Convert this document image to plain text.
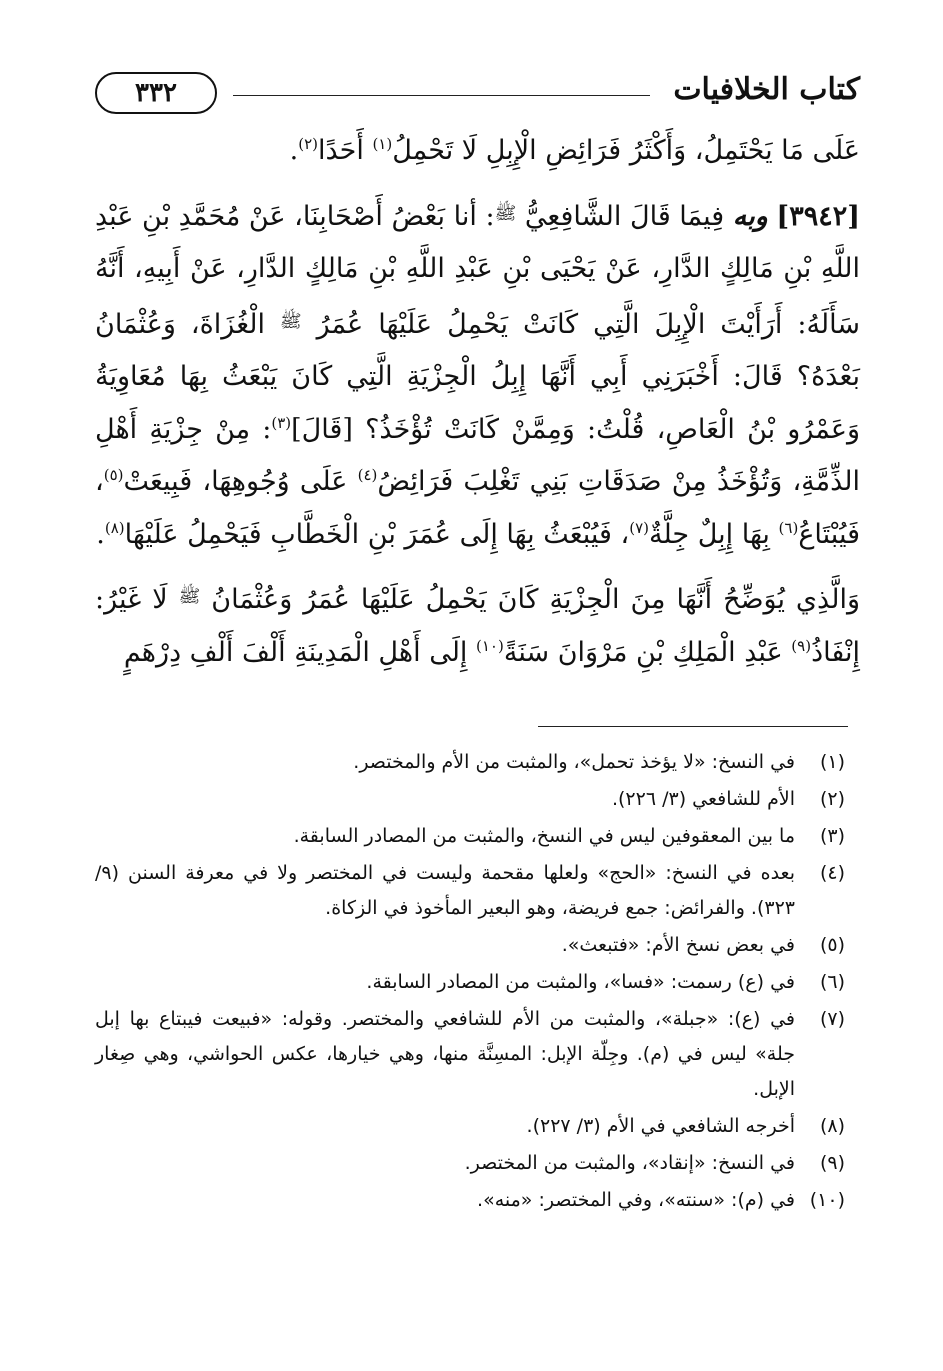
كتاب الخلافيات
٣٣٢

عَلَى مَا يَحْتَمِلُ، وَأَكْثَرُ فَرَائِضِ الْإِبِلِ لَا تَحْمِلُ$^{(١)}$ أَحَدًا$^{(٢)}$.

[٣٩٤٢] وبه فِيمَا قَالَ الشَّافِعِيُّ $^ﷺ$: أنا بَعْضُ أَصْحَابِنَا، عَنْ مُحَمَّدِ بْنِ عَبْدِ اللَّهِ بْنِ مَالِكٍ الدَّارِ، عَنْ يَحْيَى بْنِ عَبْدِ اللَّهِ بْنِ مَالِكٍ الدَّارِ، عَنْ أَبِيهِ، أَنَّهُ سَأَلَهُ: أَرَأَيْتَ الْإِبِلَ الَّتِي كَانَتْ يَحْمِلُ عَلَيْهَا عُمَرُ $^ﷺ$ الْغُزَاةَ، وَعُثْمَانُ بَعْدَهُ؟ قَالَ: أَخْبَرَنِي أَبِي أَنَّهَا إِبِلُ الْجِزْيَةِ الَّتِي كَانَ يَبْعَثُ بِهَا مُعَاوِيَةُ وَعَمْرُو بْنُ الْعَاصِ، قُلْتُ: وَمِمَّنْ كَانَتْ تُؤْخَذُ؟ [قَالَ]$^{(٣)}$: مِنْ جِزْيَةِ أَهْلِ الذِّمَّةِ، وَتُؤْخَذُ مِنْ صَدَقَاتِ بَنِي تَغْلِبَ فَرَائِضُ$^{(٤)}$ عَلَى وُجُوهِهَا، فَبِيعَتْ$^{(٥)}$، فَيُبْتَاعُ$^{(٦)}$ بِهَا إِبِلٌ جِلَّةٌ$^{(٧)}$، فَيُبْعَثُ بِهَا إِلَى عُمَرَ بْنِ الْخَطَّابِ فَيَحْمِلُ عَلَيْهَا$^{(٨)}$.

وَالَّذِي يُوَضِّحُ أَنَّهَا مِنَ الْجِزْيَةِ كَانَ يَحْمِلُ عَلَيْهَا عُمَرُ وَعُثْمَانُ $^ﷺ$ لَا غَيْرُ: إِنْفَاذُ$^{(٩)}$ عَبْدِ الْمَلِكِ بْنِ مَرْوَانَ سَنَةً$^{(١٠)}$ إِلَى أَهْلِ الْمَدِينَةِ أَلْفَ أَلْفِ دِرْهَمٍ

(١)
في النسخ: «لا يؤخذ تحمل»، والمثبت من الأم والمختصر.
(٢)
الأم للشافعي (٣/ ٢٢٦).
(٣)
ما بين المعقوفين ليس في النسخ، والمثبت من المصادر السابقة.
(٤)
بعده في النسخ: «الحج» ولعلها مقحمة وليست في المختصر ولا في معرفة السنن (٩/ ٣٢٣). والفرائض: جمع فريضة، وهو البعير المأخوذ في الزكاة.
(٥)
في بعض نسخ الأم: «فتبعث».
(٦)
في (ع) رسمت: «فسا»، والمثبت من المصادر السابقة.
(٧)
في (ع): «جبلة»، والمثبت من الأم للشافعي والمختصر. وقوله: «فبيعت فيبتاع بها إبل جلة» ليس في (م). وجِلّة الإبل: المسِنَّة منها، وهي خيارها، عكس الحواشي، وهي صِغار الإبل.
(٨)
أخرجه الشافعي في الأم (٣/ ٢٢٧).
(٩)
في النسخ: «إنقاد»، والمثبت من المختصر.
(١٠)
في (م): «سنته»، وفي المختصر: «منه».
